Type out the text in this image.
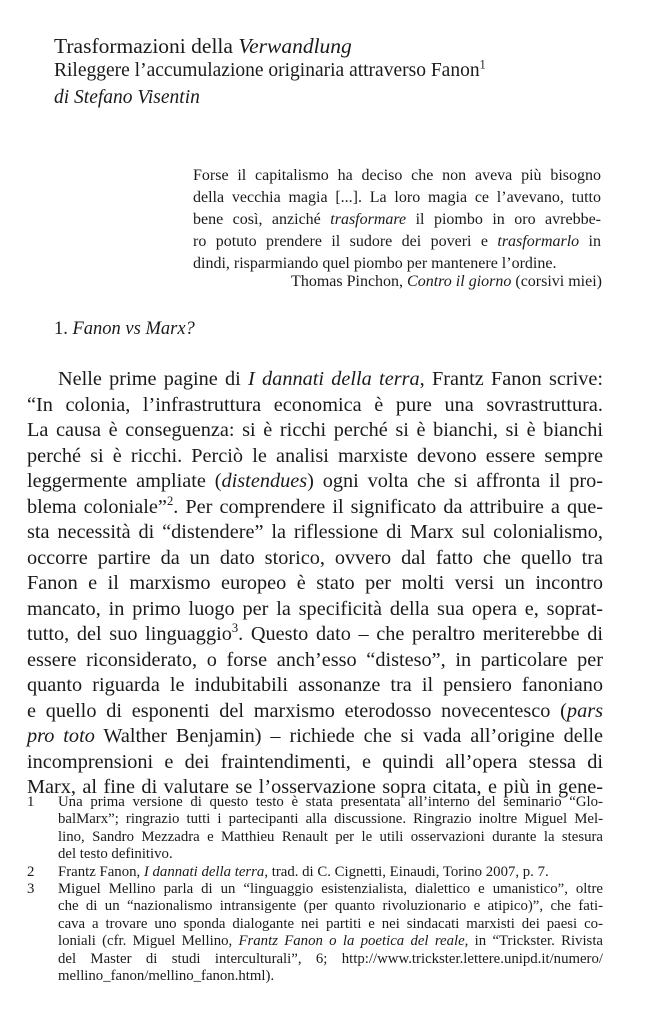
Trasformazioni della Verwandlung
Rileggere l’accumulazione originaria attraverso Fanon$^1$
di Stefano Visentin
Forse il capitalismo ha deciso che non aveva più bisogno
della vecchia magia [...]. La loro magia ce l’avevano, tutto
bene così, anziché trasformare il piombo in oro avrebbe-
ro potuto prendere il sudore dei poveri e trasformarlo in
dindi, risparmiando quel piombo per mantenere l’ordine.
Thomas Pinchon, Contro il giorno (corsivi miei)
1. Fanon vs Marx?
Nelle prime pagine di I dannati della terra, Frantz Fanon scrive:
“In colonia, l’infrastruttura economica è pure una sovrastruttura.
La causa è conseguenza: si è ricchi perché si è bianchi, si è bianchi
perché si è ricchi. Perciò le analisi marxiste devono essere sempre
leggermente ampliate (distendues) ogni volta che si affronta il pro-
blema coloniale”$^2$. Per comprendere il significato da attribuire a que-
sta necessità di “distendere” la riflessione di Marx sul colonialismo,
occorre partire da un dato storico, ovvero dal fatto che quello tra
Fanon e il marxismo europeo è stato per molti versi un incontro
mancato, in primo luogo per la specificità della sua opera e, soprat-
tutto, del suo linguaggio$^3$. Questo dato – che peraltro meriterebbe di
essere riconsiderato, o forse anch’esso “disteso”, in particolare per
quanto riguarda le indubitabili assonanze tra il pensiero fanoniano
e quello di esponenti del marxismo eterodosso novecentesco (pars
pro toto Walther Benjamin) – richiede che si vada all’origine delle
incomprensioni e dei fraintendimenti, e quindi all’opera stessa di
Marx, al fine di valutare se l’osservazione sopra citata, e più in gene-
1	Una prima versione di questo testo è stata presentata all’interno del seminario “Glo-
balMarx”; ringrazio tutti i partecipanti alla discussione. Ringrazio inoltre Miguel Mel-
lino, Sandro Mezzadra e Matthieu Renault per le utili osservazioni durante la stesura
del testo definitivo.
2	Frantz Fanon, I dannati della terra, trad. di C. Cignetti, Einaudi, Torino 2007, p. 7.
3	Miguel Mellino parla di un “linguaggio esistenzialista, dialettico e umanistico”, oltre
che di un “nazionalismo intransigente (per quanto rivoluzionario e atipico)”, che fati-
cava a trovare uno sponda dialogante nei partiti e nei sindacati marxisti dei paesi co-
loniali (cfr. Miguel Mellino, Frantz Fanon o la poetica del reale, in “Trickster. Rivista
del Master di studi interculturali”, 6; http://www.trickster.lettere.unipd.it/numero/
mellino_fanon/mellino_fanon.html).
